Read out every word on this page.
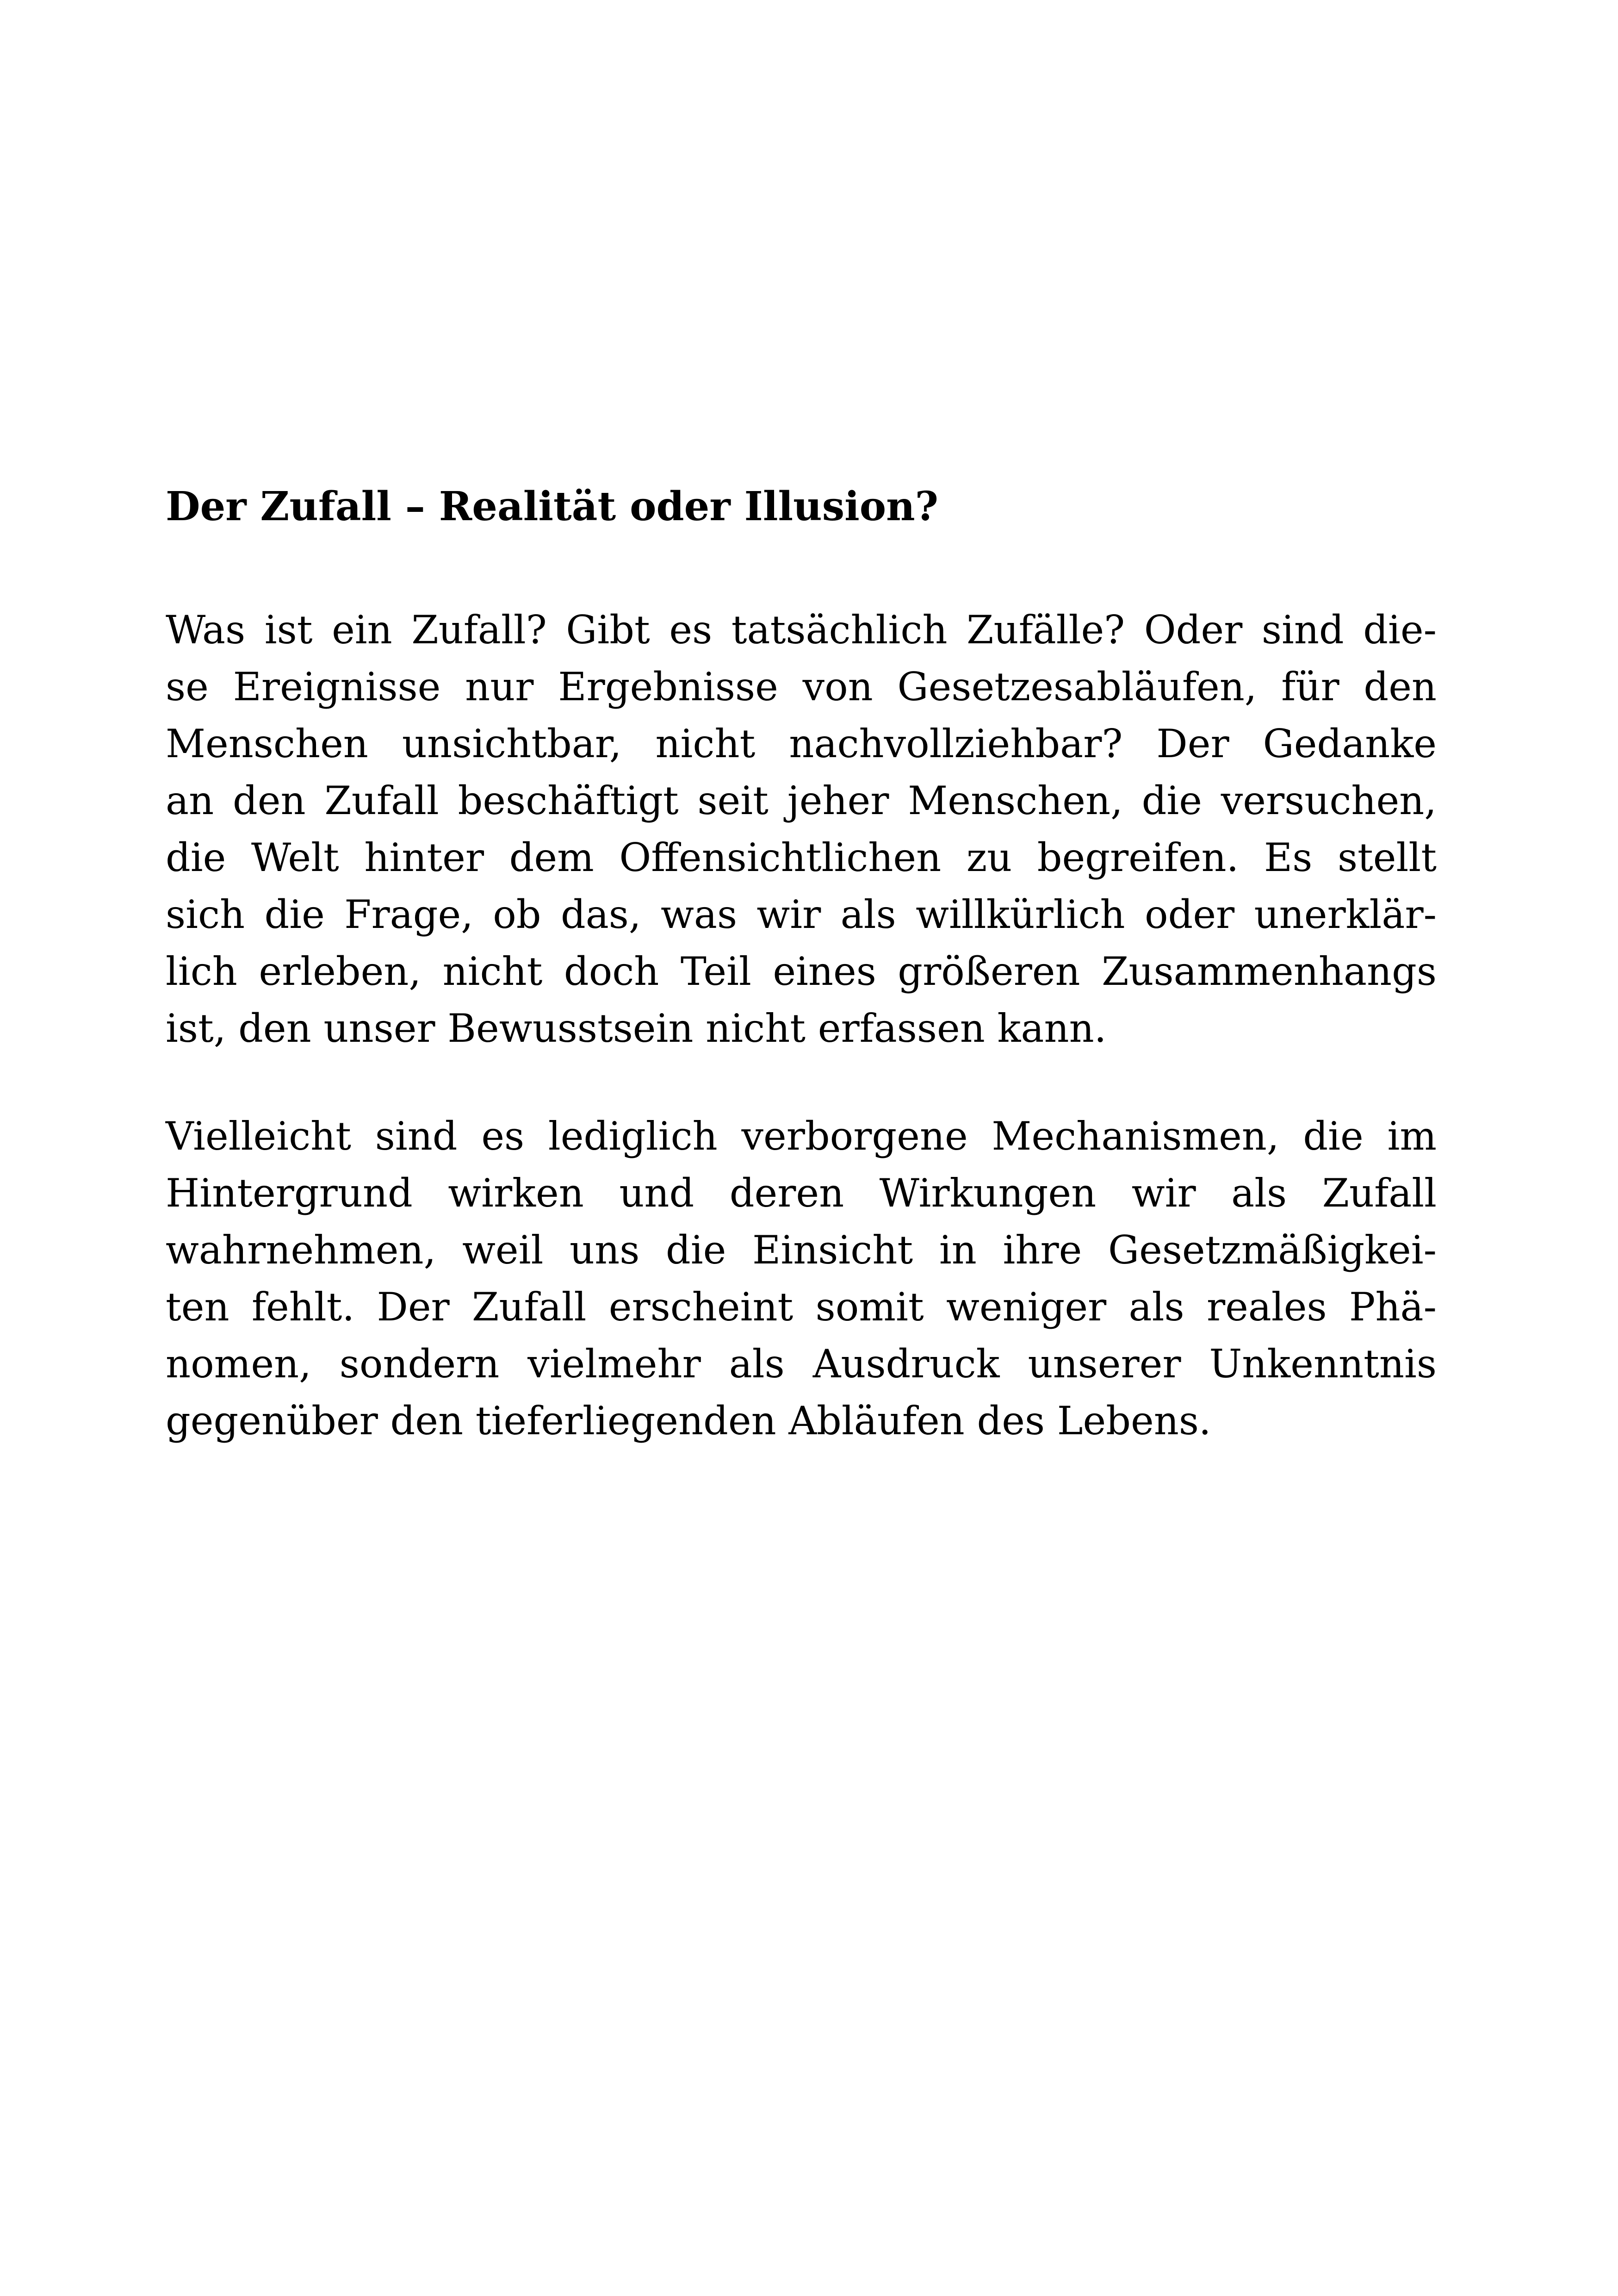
Der Zufall – Realität oder Illusion?

Was ist ein Zufall? Gibt es tatsächlich Zufälle? Oder sind die-
se Ereignisse nur Ergebnisse von Gesetzesabläufen, für den
Menschen unsichtbar, nicht nachvollziehbar? Der Gedanke
an den Zufall beschäftigt seit jeher Menschen, die versuchen,
die Welt hinter dem Offensichtlichen zu begreifen. Es stellt
sich die Frage, ob das, was wir als willkürlich oder unerklär-
lich erleben, nicht doch Teil eines größeren Zusammenhangs
ist, den unser Bewusstsein nicht erfassen kann.

Vielleicht sind es lediglich verborgene Mechanismen, die im
Hintergrund wirken und deren Wirkungen wir als Zufall
wahrnehmen, weil uns die Einsicht in ihre Gesetzmäßigkei-
ten fehlt. Der Zufall erscheint somit weniger als reales Phä-
nomen, sondern vielmehr als Ausdruck unserer Unkenntnis
gegenüber den tieferliegenden Abläufen des Lebens.
